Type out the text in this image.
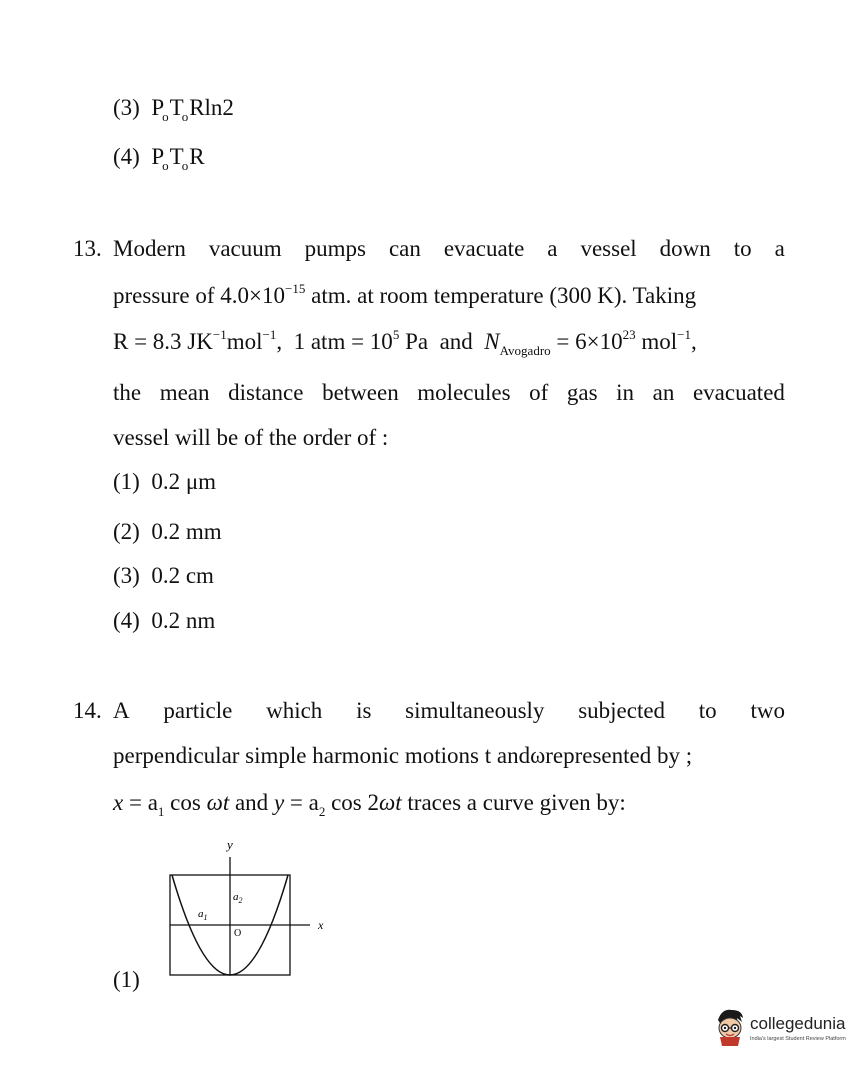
(3) $P_oT_oRln2$
(4) $P_oT_oR$
13. Modern vacuum pumps can evacuate a vessel down to a
pressure of $4.0\times 10^{-15}$ atm. at room temperature (300 K). Taking
R = 8.3 $JK^{-1}mol^{-1}$, 1 atm = $10^5$ Pa and $N_{Avogadro} = 6\times 10^{23}$ mol$^{-1}$,
the mean distance between molecules of gas in an evacuated
vessel will be of the order of :
(1) 0.2 μm
(2) 0.2 mm
(3) 0.2 cm
(4) 0.2 nm
14. A particle which is simultaneously subjected to two
perpendicular simple harmonic motions t andωrepresented by ;
$x = a_1$ cos ωt and $y = a_2$ cos 2ωt traces a curve given by:
(1)
y
x
$a_1$
$a_2$
O
collegedunia
India's largest Student Review Platform
